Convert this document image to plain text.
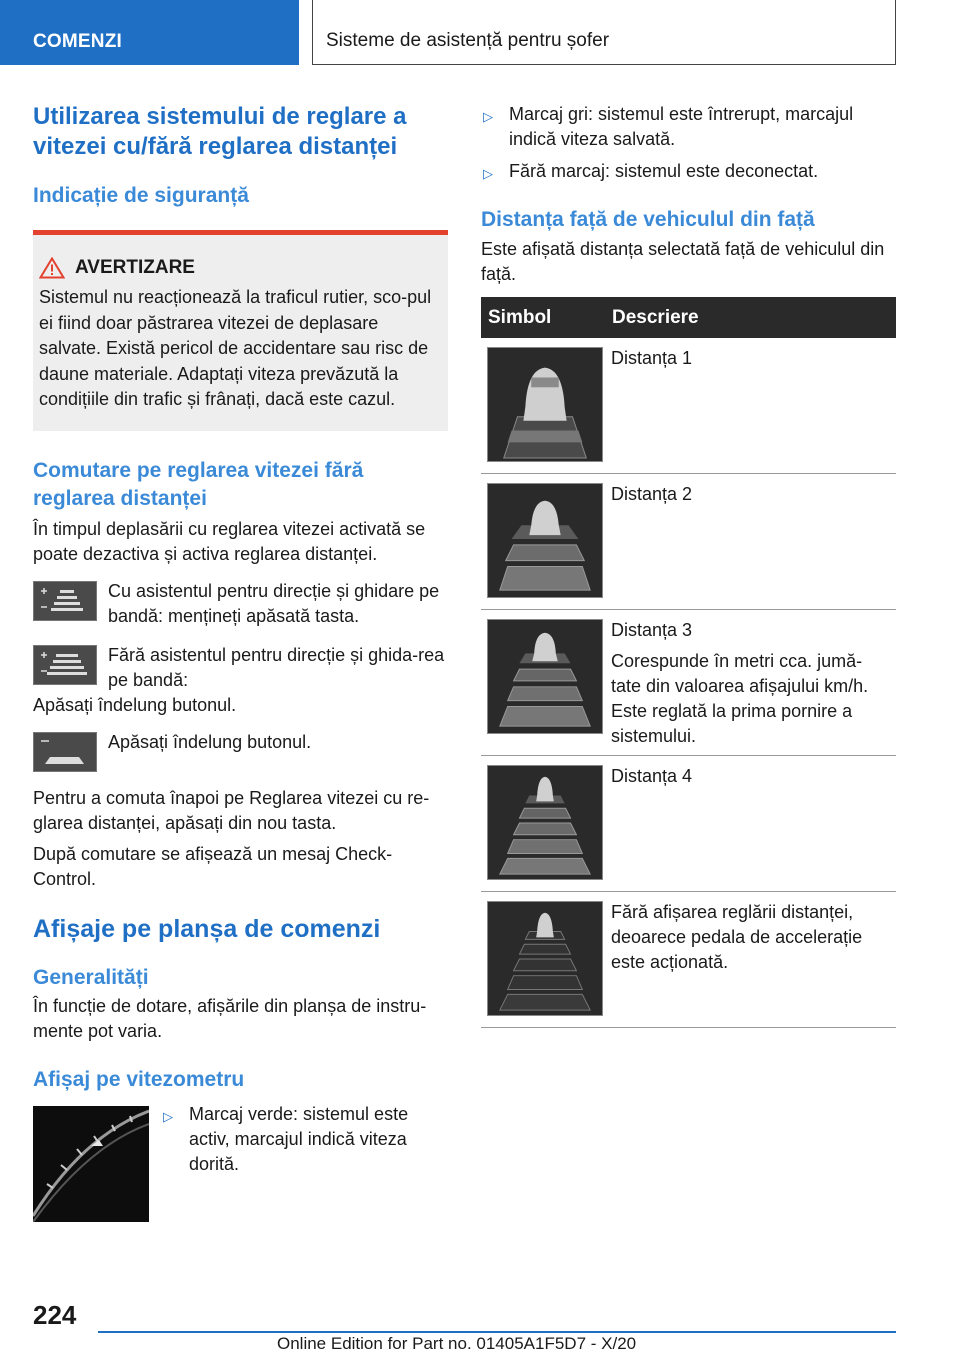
COMENZI	Sisteme de asistență pentru șofer
Utilizarea sistemului de reglare a vitezei cu/fără reglarea distanței
Indicație de siguranță
AVERTIZARE

Sistemul nu reacționează la traficul rutier, sco-pul ei fiind doar păstrarea vitezei de deplasare salvate. Există pericol de accidentare sau risc de daune materiale. Adaptați viteza prevăzută la condițiile din trafic și frânați, dacă este cazul.

Comutare pe reglarea vitezei fără reglarea distanței

În timpul deplasării cu reglarea vitezei activată se poate dezactiva și activa reglarea distanței.

Cu asistentul pentru direcție și ghidare pe bandă: mențineți apăsată tasta.

Fără asistentul pentru direcție și ghida-rea pe bandă:

Apăsați îndelung butonul.

Apăsați îndelung butonul.

Pentru a comuta înapoi pe Reglarea vitezei cu re-glarea distanței, apăsați din nou tasta.

După comutare se afișează un mesaj Check-Control.

Afișaje pe planșa de comenzi
Generalități

În funcție de dotare, afișările din planșa de instru-mente pot varia.

Afișaj pe vitezometru
▷ Marcaj verde: sistemul este activ, marcajul indică viteza dorită.
▷ Marcaj gri: sistemul este întrerupt, marcajul indică viteza salvată.
▷ Fără marcaj: sistemul este deconectat.
Distanța față de vehiculul din față

Este afișată distanța selectată față de vehiculul din față.

Simbol	Descriere

Distanța 1

Distanța 2

Distanța 3
Corespunde în metri cca. jumă-tate din valoarea afișajului km/h. Este reglată la prima pornire a sistemului.

Distanța 4

Fără afișarea reglării distanței, deoarece pedala de accelerație este acționată.
224
Online Edition for Part no. 01405A1F5D7 - X/20
